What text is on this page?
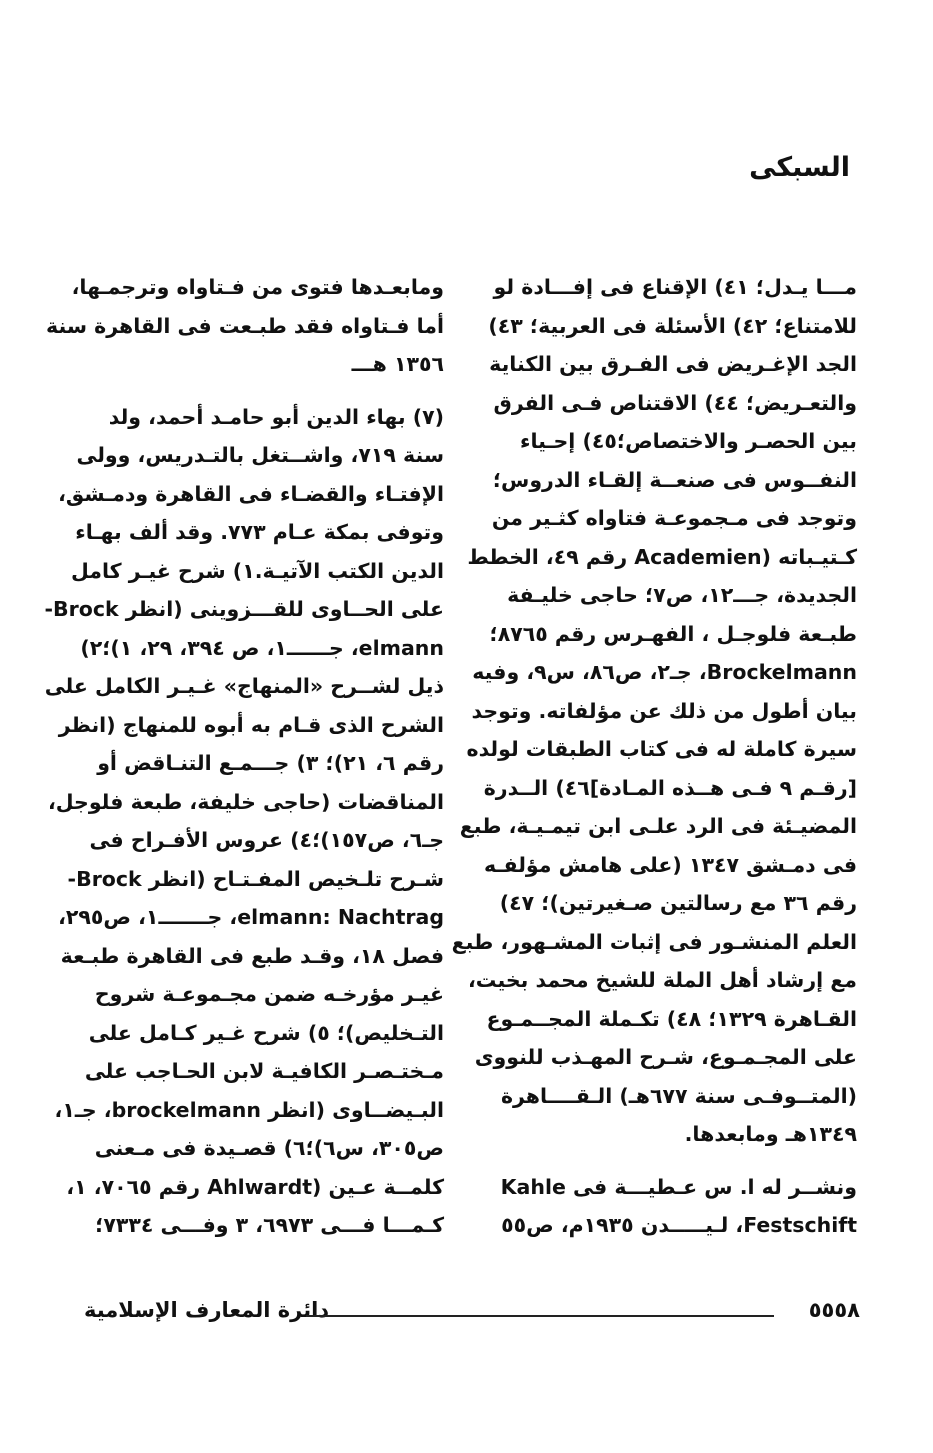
السبكى
مـــا يـدل؛ ٤١) الإقناع فى إفـــادة لو
للامتناع؛ ٤٢) الأسئلة فى العربية؛ ٤٣)
الجد الإغـريض فى الفـرق بين الكناية
والتعـريض؛ ٤٤) الاقتناص فـى الفرق
بين الحصـر والاختصاص؛٤٥) إحـياء
النفــوس فى صنعــة إلقـاء الدروس؛
وتوجد فى مـجموعـة فتاواه كثـير من
كـتيـباته (Academien رقم ٤٩، الخطط
الجديدة، جـــ١٢، ص٧؛ حاجى خليـفة
طبـعة فلوجـل ، الفهـرس رقم ٨٧٦٥؛
Brockelmann، جـ٢، ص٨٦، س٩، وفيه
بيان أطول من ذلك عن مؤلفاته. وتوجد
سيرة كاملة له فى كتاب الطبقات لولده
[رقـم ٩ فـى هــذه المـادة]٤٦) الــدرة
المضيـئة فى الرد علـى ابن تيمـيـة، طبع
فى دمـشق ١٣٤٧ (على هامش مؤلفـه
رقم ٣٦ مع رسالتين صـغيرتين)؛ ٤٧)
العلم المنشـور فى إثبات المشـهور، طبع
مع إرشاد أهل الملة للشيخ محمد بخيت،
القـاهرة ١٣٢٩؛ ٤٨) تكـملة المجــمـوع
على المجـمـوع، شـرح المهـذب للنووى
(المتــوفـى سنة ٦٧٧هـ) الـقــــاهرة
١٣٤٩هـ ومابعدها.
ونشــر له ا. س عـطيـــة فى Kahle
Festschift، لـيـــــدن ١٩٣٥م، ص٥٥
ومابعـدها فتوى من فـتاواه وترجمـها،
أما فـتاواه فقد طبـعت فى القاهرة سنة
١٣٥٦ هـــ
(٧) بهاء الدين أبو حامـد أحمد، ولد
سنة ٧١٩، واشــتغل بالتـدريس، وولى
الإفتـاء والقضـاء فى القاهرة ودمـشق،
وتوفى بمكة عـام ٧٧٣. وقد ألف بهـاء
الدين الكتب الآتيـة.١) شرح غيـر كامل
على الحــاوى للقـــزوينى (انظر Brock-
elmann، جــــــ١، ص ٣٩٤، ٢٩، ١)؛٢)
ذيل لشــرح «المنهاج» غـيـر الكامل على
الشرح الذى قـام به أبوه للمنهاج (انظر
رقم ٦، ٢١)؛ ٣) جـــمـع التنـاقض أو
المناقضات (حاجى خليفة، طبعة فلوجل،
جـ٦، ص١٥٧)؛٤) عروس الأفـراح فى
شـرح تلـخيص المفـتـاح (انظر Brock-
elmann: Nachtrag، جـــــــ١، ص٢٩٥،
فصل ١٨، وقـد طبع فى القاهرة طبـعة
غيـر مؤرخـه ضمن مجـموعـة شروح
التـخليص)؛ ٥) شرح غـير كـامل على
مـختـصـر الكافيـة لابن الحـاجب على
البـيضــاوى (انظر brockelmann، جـ١،
ص٣٠٥، س٦)؛٦) قصـيدة فى مـعنى
كلمــة عـين (Ahlwardt رقم ٧٠٦٥، ١،
كـمـــا فـــى ٦٩٧٣، ٣ وفـــى ٧٣٣٤؛
دائرة المعارف الإسلامية	٥٥٥٨
